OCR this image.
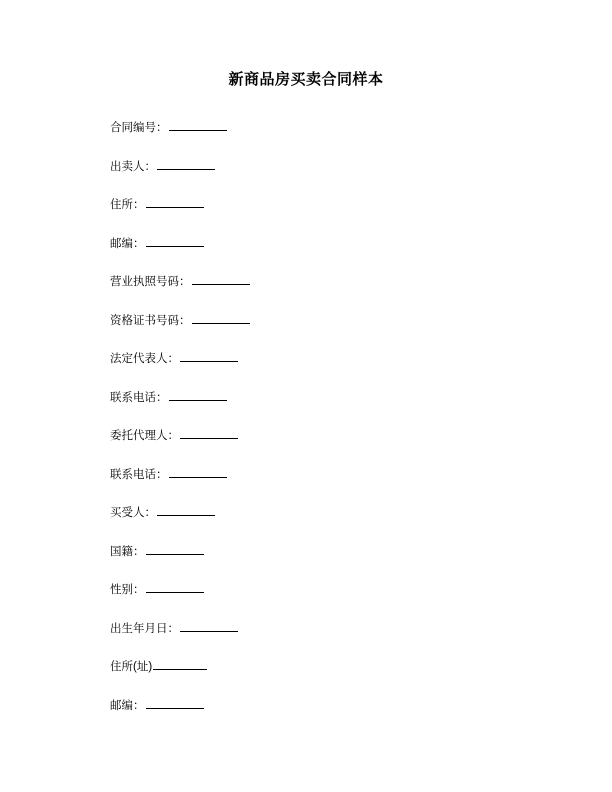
新商品房买卖合同样本

合同编号：

出卖人：

住所：

邮编：

营业执照号码：

资格证书号码：

法定代表人：

联系电话：

委托代理人：

联系电话：

买受人：

国籍：

性别：

出生年月日：

住所(址)

邮编：
